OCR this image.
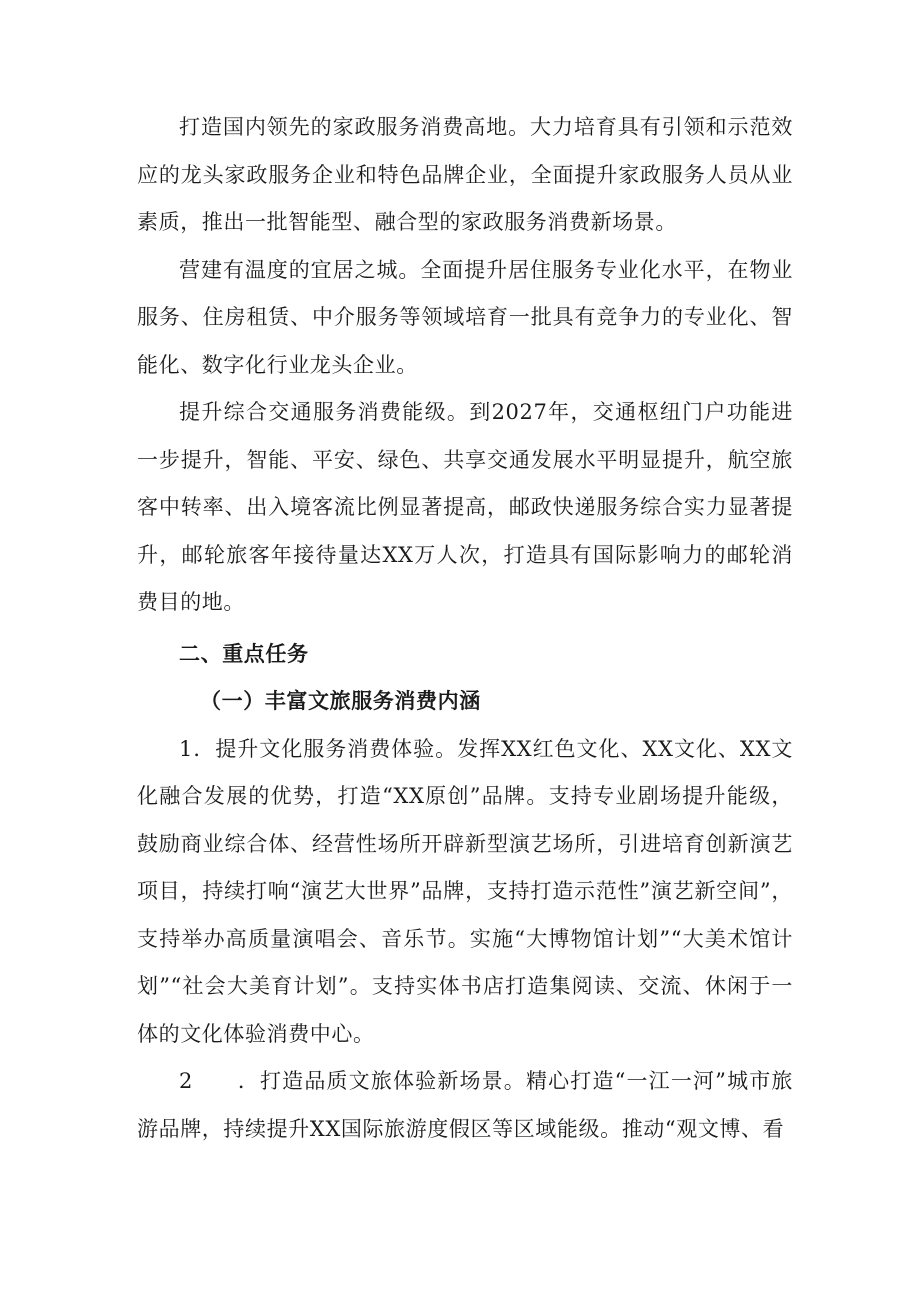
打造国内领先的家政服务消费高地。大力培育具有引领和示范效应的龙头家政服务企业和特色品牌企业，全面提升家政服务人员从业素质，推出一批智能型、融合型的家政服务消费新场景。

营建有温度的宜居之城。全面提升居住服务专业化水平，在物业服务、住房租赁、中介服务等领域培育一批具有竞争力的专业化、智能化、数字化行业龙头企业。

提升综合交通服务消费能级。到2027年，交通枢纽门户功能进一步提升，智能、平安、绿色、共享交通发展水平明显提升，航空旅客中转率、出入境客流比例显著提高，邮政快递服务综合实力显著提升，邮轮旅客年接待量达XX万人次，打造具有国际影响力的邮轮消费目的地。

二、重点任务

（一）丰富文旅服务消费内涵

1．提升文化服务消费体验。发挥XX红色文化、XX文化、XX文化融合发展的优势，打造“XX原创”品牌。支持专业剧场提升能级，鼓励商业综合体、经营性场所开辟新型演艺场所，引进培育创新演艺项目，持续打响“演艺大世界”品牌，支持打造示范性”演艺新空间”，支持举办高质量演唱会、音乐节。实施“大博物馆计划”“大美术馆计划”“社会大美育计划”。支持实体书店打造集阅读、交流、休闲于一体的文化体验消费中心。

2　　．打造品质文旅体验新场景。精心打造“一江一河”城市旅游品牌，持续提升XX国际旅游度假区等区域能级。推动“观文博、看
